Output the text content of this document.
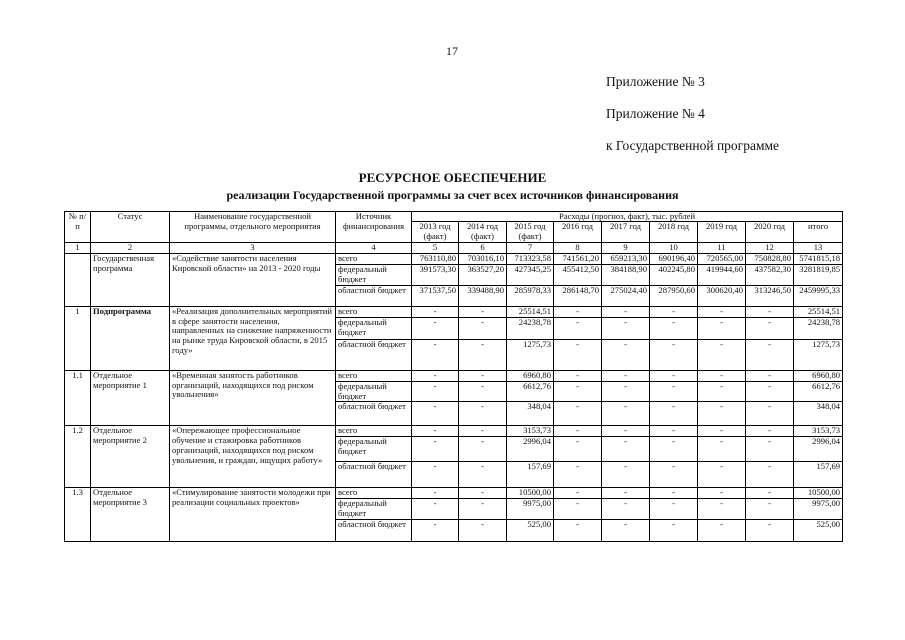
17
Приложение № 3
Приложение № 4
к Государственной программе
РЕСУРСНОЕ ОБЕСПЕЧЕНИЕ
реализации Государственной программы за счет всех источников финансирования
№ п/п	Статус	Наименование государственной программы, отдельного мероприятия	Источник финансирования	Расходы (прогноз, факт), тыс. рублей								
				2013 год (факт)	2014 год (факт)	2015 год (факт)	2016 год	2017 год	2018 год	2019 год	2020 год	итого
1	2	3	4	5	6	7	8	9	10	11	12	13
	Государственная программа	«Содействие занятости населения Кировской области» на 2013 - 2020 годы	всего	763110,80	703016,10	713323,58	741561,20	659213,30	690196,40	720565,00	750828,80	5741815,18
			федеральный бюджет	391573,30	363527,20	427345,25	455412,50	384188,90	402245,80	419944,60	437582,30	3281819,85
			областной бюджет	371537,50	339488,90	285978,33	286148,70	275024,40	287950,60	300620,40	313246,50	2459995,33
1	Подпрограмма	«Реализация дополнительных мероприятий в сфере занятости населения, направленных на снижение напряженности на рынке труда Кировской области, в 2015 году»	всего	-	-	25514,51	-	-	-	-	-	25514,51
			федеральный бюджет	-	-	24238,78	-	-	-	-	-	24238,78
			областной бюджет	-	-	1275,73	-	-	-	-	-	1275,73
1.1	Отдельное мероприятие 1	«Временная занятость работников организаций, находящихся под риском увольнения»	всего	-	-	6960,80	-	-	-	-	-	6960,80
			федеральный бюджет	-	-	6612,76	-	-	-	-	-	6612,76
			областной бюджет	-	-	348,04	-	-	-	-	-	348,04
1.2	Отдельное мероприятие 2	«Опережающее профессиональное обучение и стажировка работников организаций, находящихся под риском увольнения, и граждан, ищущих работу»	всего	-	-	3153,73	-	-	-	-	-	3153,73
			федеральный бюджет	-	-	2996,04	-	-	-	-	-	2996,04
			областной бюджет	-	-	157,69	-	-	-	-	-	157,69
1.3	Отдельное мероприятие 3	«Стимулирование занятости молодежи при реализации социальных проектов»	всего	-	-	10500,00	-	-	-	-	-	10500,00
			федеральный бюджет	-	-	9975,00	-	-	-	-	-	9975,00
			областной бюджет	-	-	525,00	-	-	-	-	-	525,00
